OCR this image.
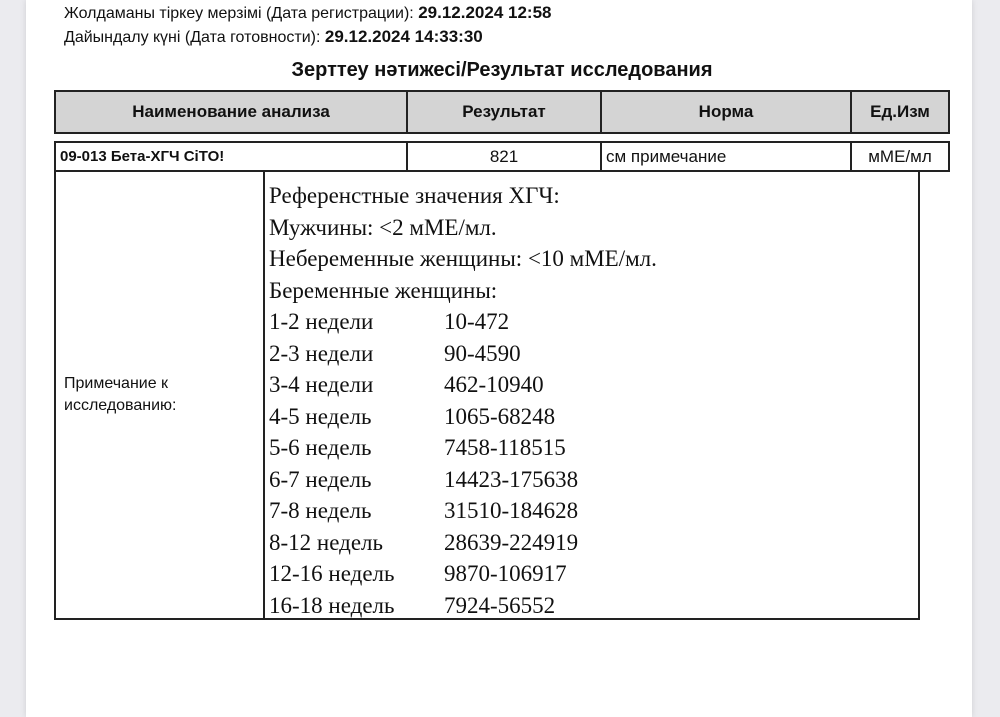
Жолдаманы тіркеу мерзімі (Дата регистрации): 29.12.2024 12:58
Дайындалу күні (Дата готовности): 29.12.2024 14:33:30
Зерттеу нәтижесі/Результат исследования
Наименование анализа	Результат	Норма	Ед.Изм
09-013 Бета-ХГЧ CiTO!	821	см примечание	мМЕ/мл
Примечание к исследованию:
Референстные значения ХГЧ:
Мужчины: <2 мМЕ/мл.
Небеременные женщины: <10 мМЕ/мл.
Беременные женщины:
1-2 недели	10-472
2-3 недели	90-4590
3-4 недели	462-10940
4-5 недель	1065-68248
5-6 недель	7458-118515
6-7 недель	14423-175638
7-8 недель	31510-184628
8-12 недель	28639-224919
12-16 недель	9870-106917
16-18 недель	7924-56552
